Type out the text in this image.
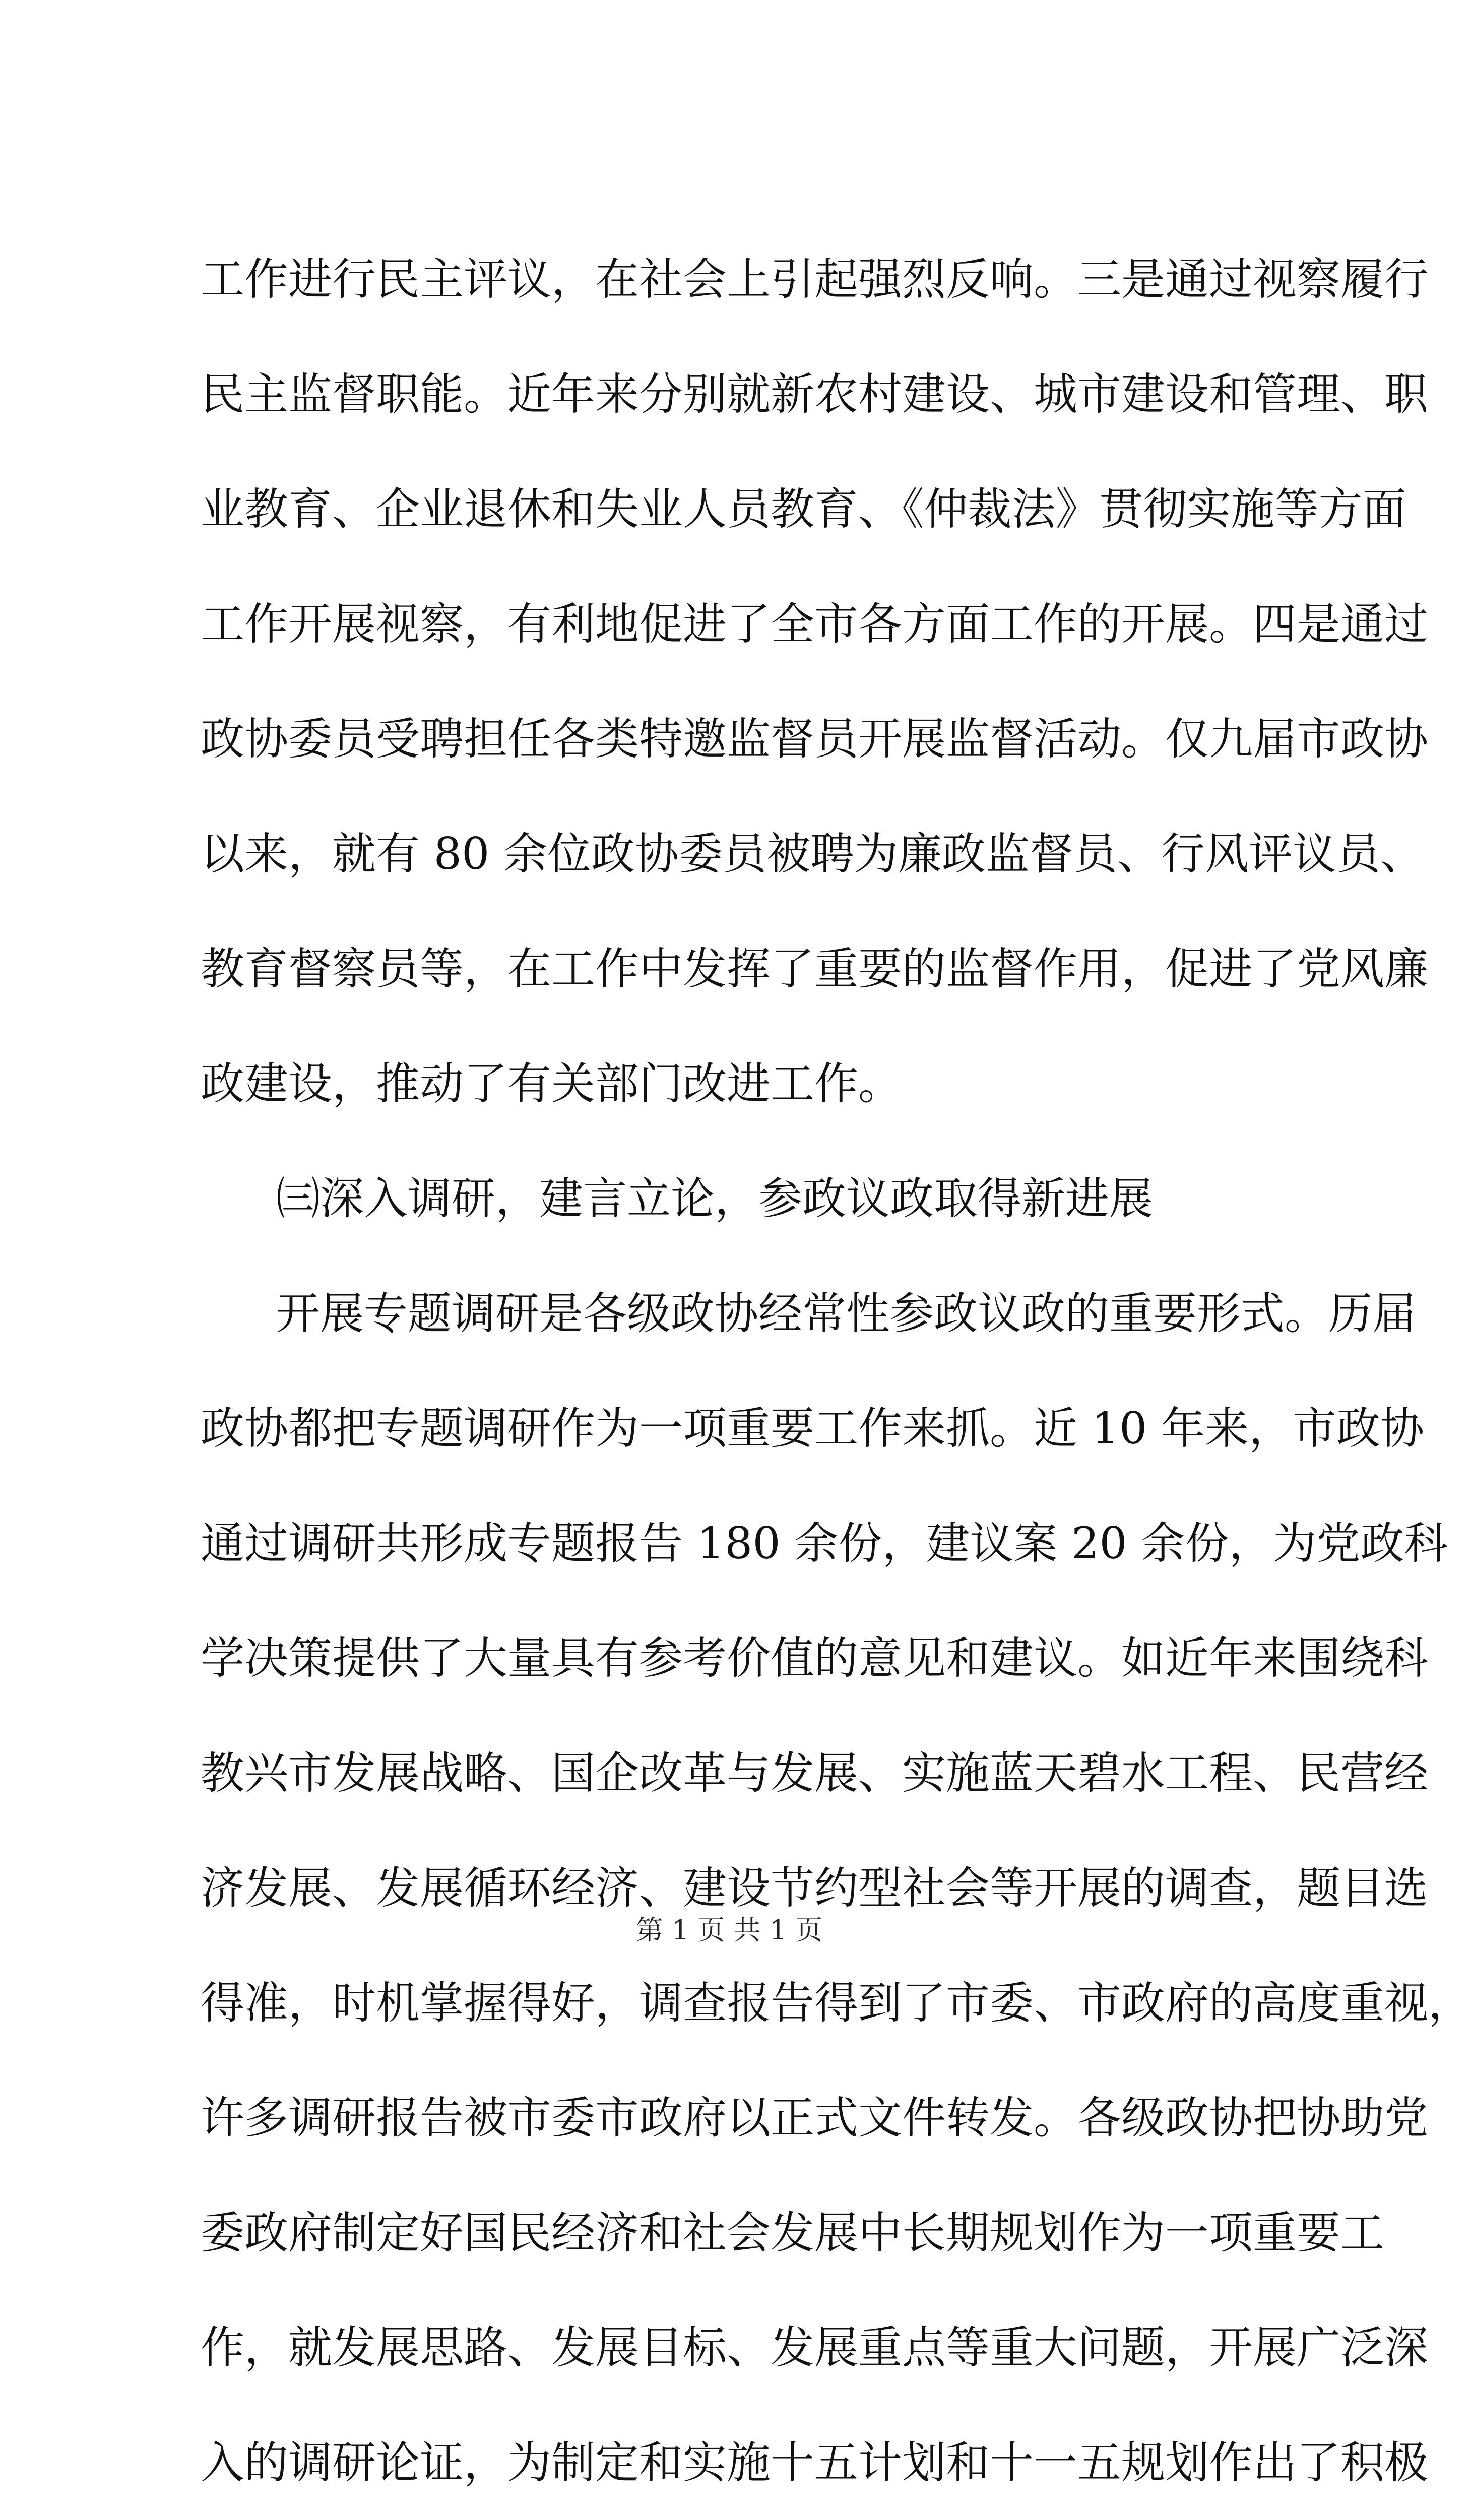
工作进行民主评议，在社会上引起强烈反响。三是通过视察履行
民主监督职能。近年来分别就新农村建设、城市建设和管理、职
业教育、企业退休和失业人员教育、《仲裁法》贯彻实施等方面
工作开展视察，有利地促进了全市各方面工作的开展。四是通过
政协委员受聘担任各类特邀监督员开展监督活动。仅九届市政协
以来，就有 80 余位政协委员被聘为廉政监督员、行风评议员、
教育督察员等，在工作中发挥了重要的监督作用，促进了党风廉
政建设，推动了有关部门改进工作。
㈢深入调研，建言立论，参政议政取得新进展
开展专题调研是各级政协经常性参政议政的重要形式。历届
政协都把专题调研作为一项重要工作来抓。近 10 年来，市政协
通过调研共形成专题报告 180 余份，建议案 20 余份，为党政科
学决策提供了大量具有参考价值的意见和建议。如近年来围绕科
教兴市发展战略、国企改革与发展、实施蓝天碧水工程、民营经
济发展、发展循环经济、建设节约型社会等开展的调查，题目选
得准，时机掌握得好，调查报告得到了市委、市政府的高度重视，
许多调研报告被市委市政府以正式文件转发。各级政协把协助党
委政府制定好国民经济和社会发展中长期规划作为一项重要工
作，就发展思路、发展目标、发展重点等重大问题，开展广泛深
入的调研论证，为制定和实施十五计划和十一五规划作出了积极
第 1 页 共 1 页
